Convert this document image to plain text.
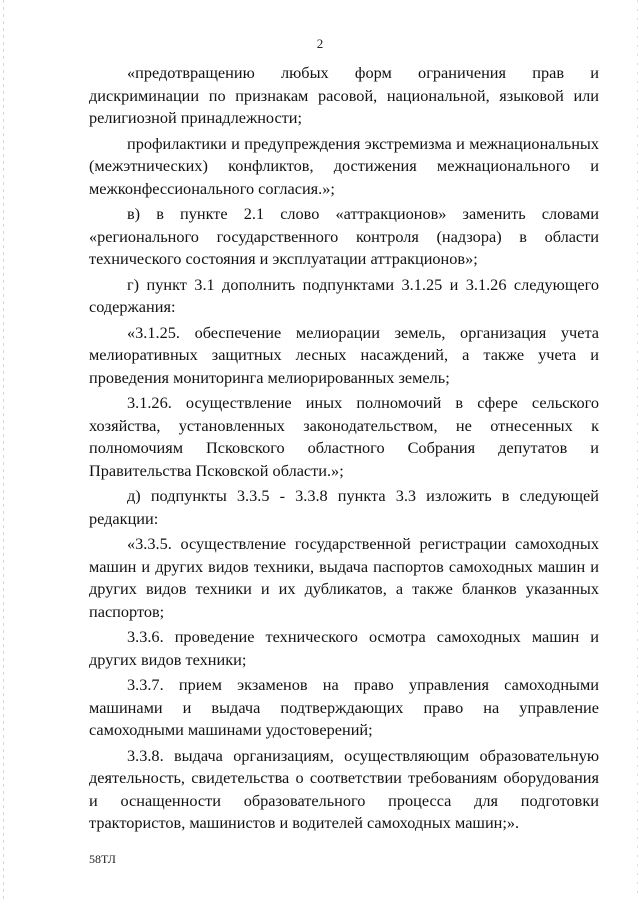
2

«предотвращению любых форм ограничения прав и дискриминации по признакам расовой, национальной, языковой или религиозной принадлежности;

профилактики и предупреждения экстремизма и межнациональных (межэтнических) конфликтов, достижения межнационального и межконфессионального согласия.»;

в) в пункте 2.1 слово «аттракционов» заменить словами «регионального государственного контроля (надзора) в области технического состояния и эксплуатации аттракционов»;

г) пункт 3.1 дополнить подпунктами 3.1.25 и 3.1.26 следующего содержания:

«3.1.25. обеспечение мелиорации земель, организация учета мелиоративных защитных лесных насаждений, а также учета и проведения мониторинга мелиорированных земель;

3.1.26. осуществление иных полномочий в сфере сельского хозяйства, установленных законодательством, не отнесенных к полномочиям Псковского областного Собрания депутатов и Правительства Псковской области.»;

д) подпункты 3.3.5 - 3.3.8 пункта 3.3 изложить в следующей редакции:

«3.3.5. осуществление государственной регистрации самоходных машин и других видов техники, выдача паспортов самоходных машин и других видов техники и их дубликатов, а также бланков указанных паспортов;

3.3.6. проведение технического осмотра самоходных машин и других видов техники;

3.3.7. прием экзаменов на право управления самоходными машинами и выдача подтверждающих право на управление самоходными машинами удостоверений;

3.3.8. выдача организациям, осуществляющим образовательную деятельность, свидетельства о соответствии требованиям оборудования и оснащенности образовательного процесса для подготовки трактористов, машинистов и водителей самоходных машин;».

58ТЛ
